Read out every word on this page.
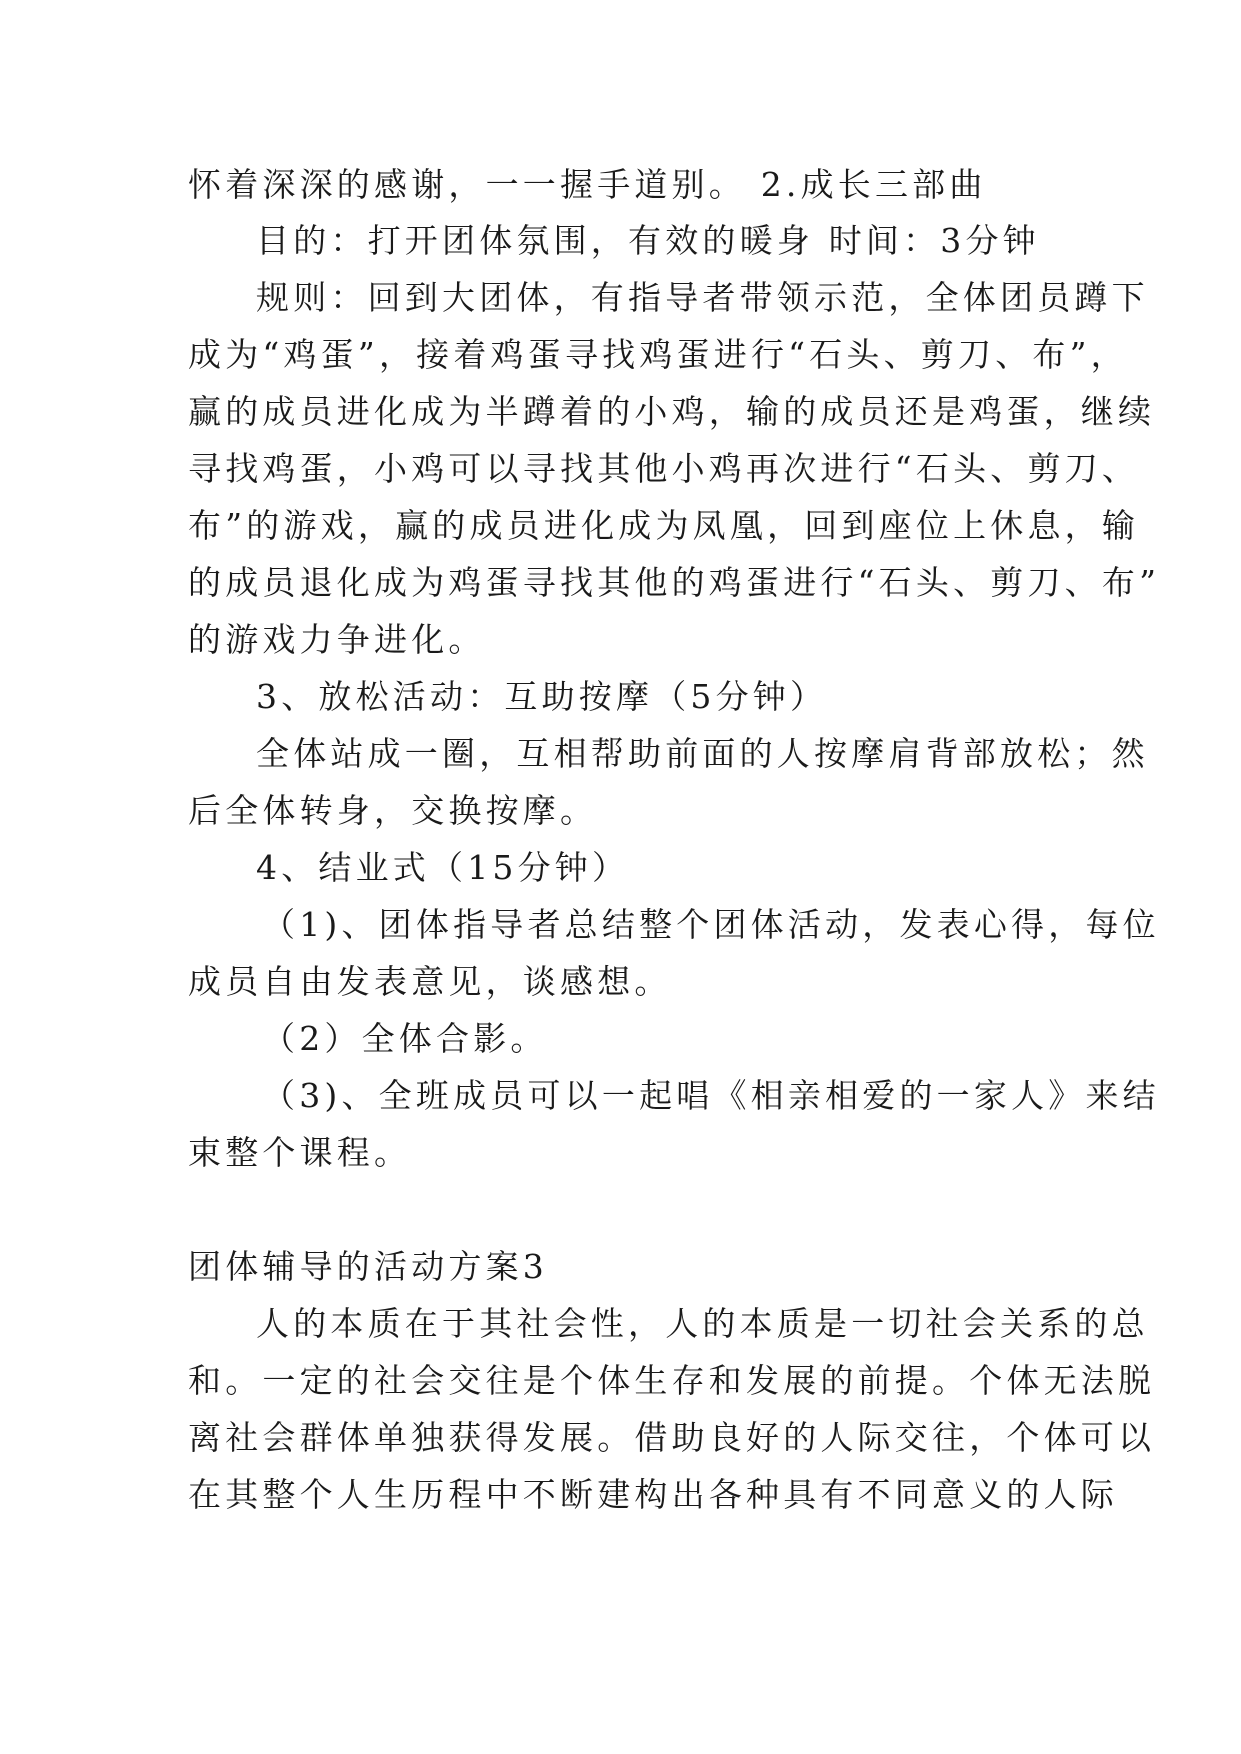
怀着深深的感谢，一一握手道别。 2.成长三部曲
目的：打开团体氛围，有效的暖身 时间：3分钟
规则：回到大团体，有指导者带领示范，全体团员蹲下
成为“鸡蛋”，接着鸡蛋寻找鸡蛋进行“石头、剪刀、布”，
赢的成员进化成为半蹲着的小鸡，输的成员还是鸡蛋，继续
寻找鸡蛋，小鸡可以寻找其他小鸡再次进行“石头、剪刀、
布”的游戏，赢的成员进化成为凤凰，回到座位上休息，输
的成员退化成为鸡蛋寻找其他的鸡蛋进行“石头、剪刀、布”
的游戏力争进化。
3、放松活动：互助按摩（5分钟）
全体站成一圈，互相帮助前面的人按摩肩背部放松；然
后全体转身，交换按摩。
4、结业式（15分钟）
（1)、团体指导者总结整个团体活动，发表心得，每位
成员自由发表意见，谈感想。
（2）全体合影。
（3)、全班成员可以一起唱《相亲相爱的一家人》来结
束整个课程。
团体辅导的活动方案3
人的本质在于其社会性，人的本质是一切社会关系的总
和。一定的社会交往是个体生存和发展的前提。个体无法脱
离社会群体单独获得发展。借助良好的人际交往，个体可以
在其整个人生历程中不断建构出各种具有不同意义的人际
